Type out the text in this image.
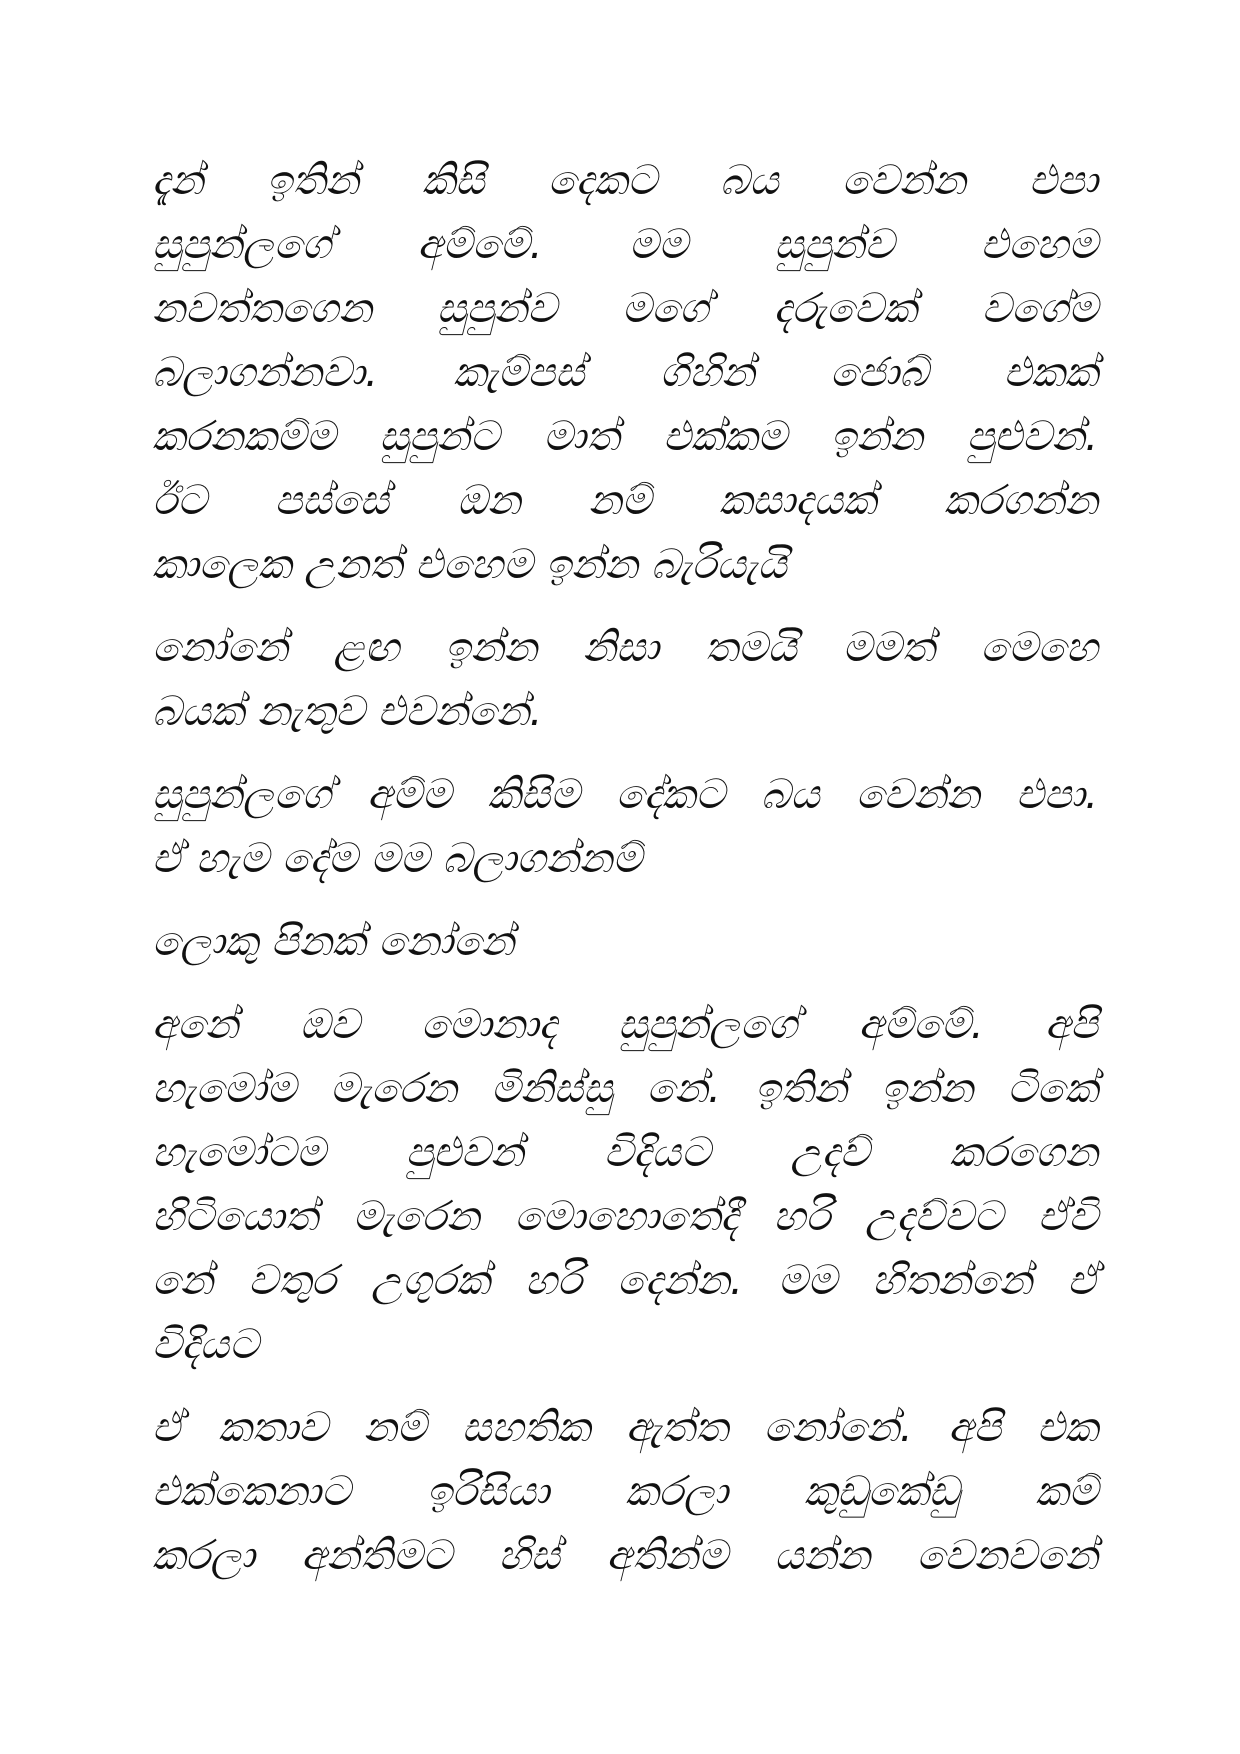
දැන් ඉතින් කිසි දෙකට බය වෙන්න එපා
සුපුන්ලගේ අම්මේ. මම සුපුන්ව එහෙම
නවත්තගෙන සුපුන්ව මගේ දරුවෙක් වගේම
බලාගන්නවා. කැම්පස් ගිහින් ජොබ් එකක්
කරනකම්ම සුපුන්ට මාත් එක්කම ඉන්න පුළුවන්.
ඊට පස්සේ ඔන නම් කසාදයක් කරගන්න
කාලෙක උනත් එහෙම ඉන්න බැරියැයි

නෝනේ ළඟ ඉන්න නිසා තමයි මමත් මෙහෙ
බයක් නැතුව එවන්නේ.

සුපුන්ලගේ අම්ම කිසිම දේකට බය වෙන්න එපා.
ඒ හැම දේම මම බලාගන්නම්

ලොකු පිනක් නෝනේ

අනේ ඔව මොනාද සුපුන්ලගේ අම්මේ. අපි
හැමෝම මැරෙන මිනිස්සු නේ. ඉතින් ඉන්න ටිකේ
හැමෝටම පුළුවන් විදියට උදව් කරගෙන
හිටියොත් මැරෙන මොහොතේදී හරි උදව්වට ඒවි
නේ වතුර උගුරක් හරි දෙන්න. මම හිතන්නේ ඒ
විදියට

ඒ කතාව නම් සහතික ඇත්ත නෝනේ. අපි එක
එක්කෙනාට ඉරිසියා කරලා කුඩුකේඩු කම්
කරලා අන්තිමට හිස් අතින්ම යන්න වෙනවනේ
